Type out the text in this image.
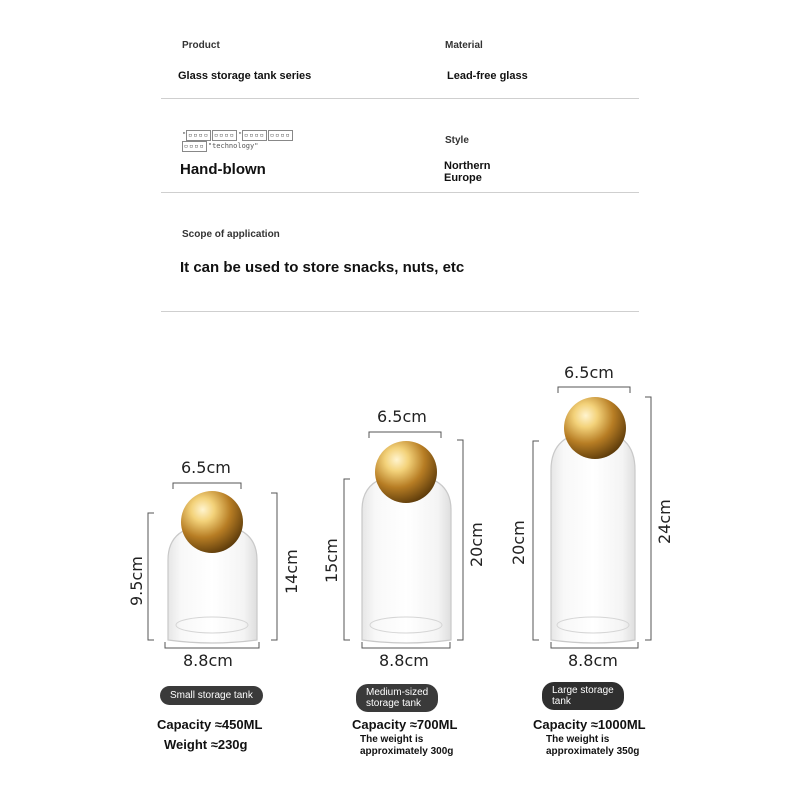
Product	Material
Glass storage tank series	Lead-free glass
" ▫▫▫▫ ▫▫▫▫ " ▫▫▫▫ ▫▫▫▫
▫▫▫▫ "technology"
Hand-blown
Style
Northern
Europe
Scope of application
It can be used to store snacks, nuts, etc
6.5cm
9.5cm	14cm
8.8cm
6.5cm
15cm	20cm
8.8cm
6.5cm
20cm	24cm
8.8cm
Small storage tank	Medium-sized
storage tank
Large storage
tank
Capacity ≈450ML
Weight ≈230g
Capacity ≈700ML
The weight is
approximately 300g
Capacity ≈1000ML
The weight is
approximately 350g
